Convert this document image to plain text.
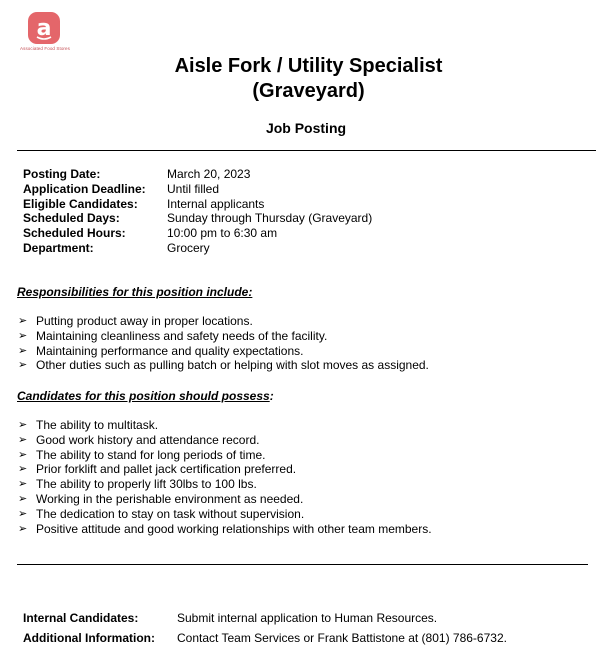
a
Associated Food Stores
Aisle Fork / Utility Specialist
(Graveyard)
Job Posting
Posting Date:	March 20, 2023
Application Deadline: Until filled
Eligible Candidates: Internal applicants
Scheduled Days:	Sunday through Thursday (Graveyard)
Scheduled Hours:	10:00 pm to 6:30 am
Department:	Grocery
Responsibilities for this position include:
➢ Putting product away in proper locations.
➢ Maintaining cleanliness and safety needs of the facility.
➢ Maintaining performance and quality expectations.
➢ Other duties such as pulling batch or helping with slot moves as assigned.
Candidates for this position should possess:
➢ The ability to multitask.
➢ Good work history and attendance record.
➢ The ability to stand for long periods of time.
➢ Prior forklift and pallet jack certification preferred.
➢ The ability to properly lift 30lbs to 100 lbs.
➢ Working in the perishable environment as needed.
➢ The dedication to stay on task without supervision.
➢ Positive attitude and good working relationships with other team members.
Internal Candidates:	Submit internal application to Human Resources.
Additional Information: Contact Team Services or Frank Battistone at (801) 786-6732.
